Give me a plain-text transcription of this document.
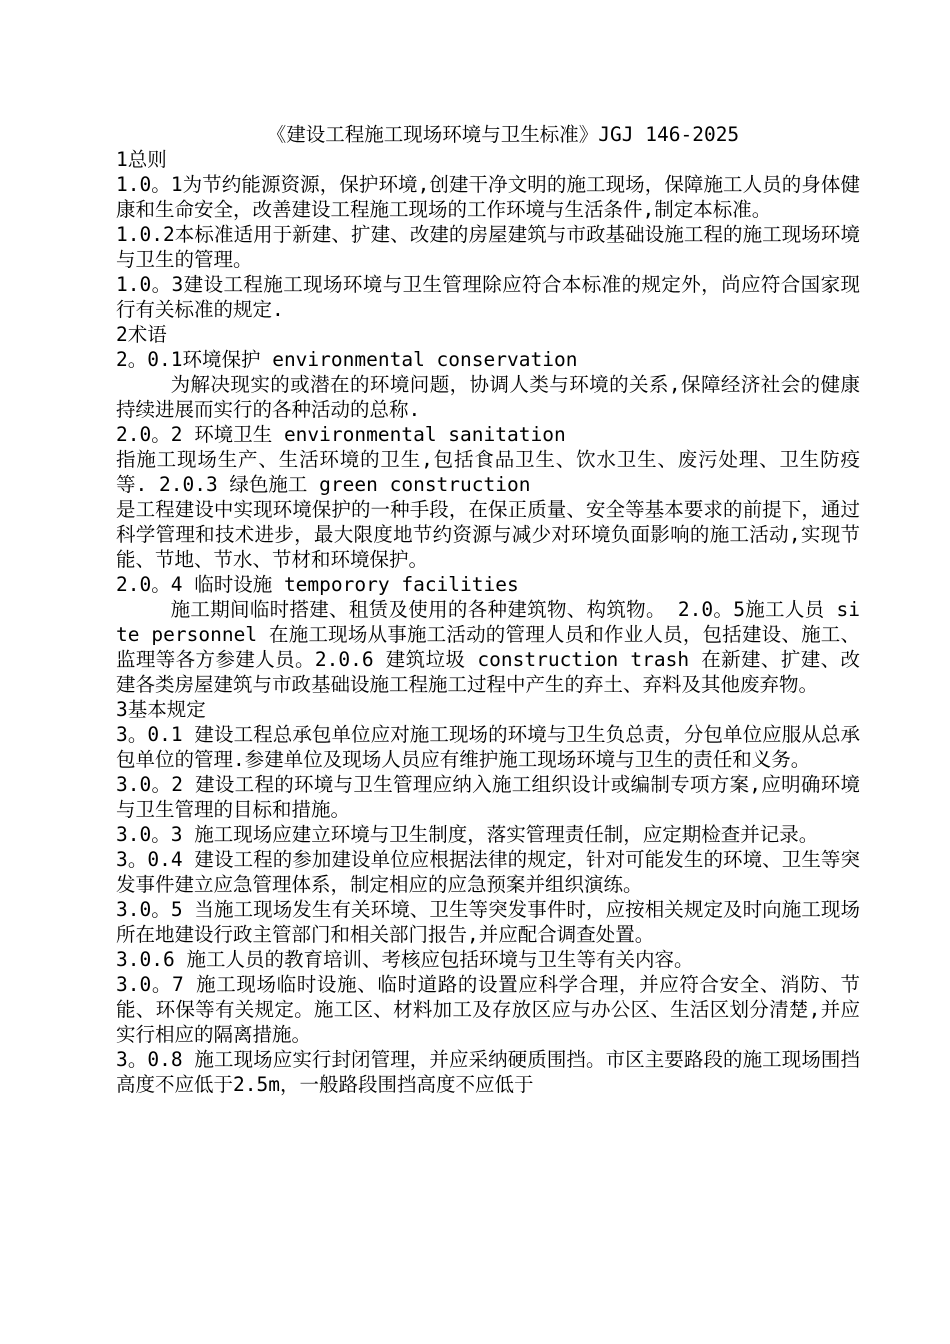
《建设工程施工现场环境与卫生标准》JGJ 146-2025

1总则

1.0。1为节约能源资源，保护环境,创建干净文明的施工现场，保障施工人员的身体健康和生命安全，改善建设工程施工现场的工作环境与生活条件,制定本标准。

1.0.2本标准适用于新建、扩建、改建的房屋建筑与市政基础设施工程的施工现场环境与卫生的管理。

1.0。3建设工程施工现场环境与卫生管理除应符合本标准的规定外，尚应符合国家现行有关标准的规定.

2术语

2。0.1环境保护 environmental conservation

为解决现实的或潜在的环境问题，协调人类与环境的关系,保障经济社会的健康持续进展而实行的各种活动的总称.

2.0。2 环境卫生 environmental sanitation

指施工现场生产、生活环境的卫生,包括食品卫生、饮水卫生、废污处理、卫生防疫等. 2.0.3 绿色施工 green construction

是工程建设中实现环境保护的一种手段，在保正质量、安全等基本要求的前提下，通过科学管理和技术进步，最大限度地节约资源与减少对环境负面影响的施工活动,实现节能、节地、节水、节材和环境保护。

2.0。4 临时设施 temporory facilities

施工期间临时搭建、租赁及使用的各种建筑物、构筑物。 2.0。5施工人员 site personnel 在施工现场从事施工活动的管理人员和作业人员，包括建设、施工、监理等各方参建人员。2.0.6 建筑垃圾 construction trash 在新建、扩建、改建各类房屋建筑与市政基础设施工程施工过程中产生的弃土、弃料及其他废弃物。

3基本规定

3。0.1 建设工程总承包单位应对施工现场的环境与卫生负总责，分包单位应服从总承包单位的管理.参建单位及现场人员应有维护施工现场环境与卫生的责任和义务。

3.0。2 建设工程的环境与卫生管理应纳入施工组织设计或编制专项方案,应明确环境与卫生管理的目标和措施。

3.0。3 施工现场应建立环境与卫生制度，落实管理责任制，应定期检查并记录。

3。0.4 建设工程的参加建设单位应根据法律的规定，针对可能发生的环境、卫生等突发事件建立应急管理体系，制定相应的应急预案并组织演练。

3.0。5 当施工现场发生有关环境、卫生等突发事件时，应按相关规定及时向施工现场所在地建设行政主管部门和相关部门报告,并应配合调查处置。

3.0.6 施工人员的教育培训、考核应包括环境与卫生等有关内容。

3.0。7 施工现场临时设施、临时道路的设置应科学合理，并应符合安全、消防、节能、环保等有关规定。施工区、材料加工及存放区应与办公区、生活区划分清楚,并应实行相应的隔离措施。

3。0.8 施工现场应实行封闭管理，并应采纳硬质围挡。市区主要路段的施工现场围挡高度不应低于2.5m，一般路段围挡高度不应低于
